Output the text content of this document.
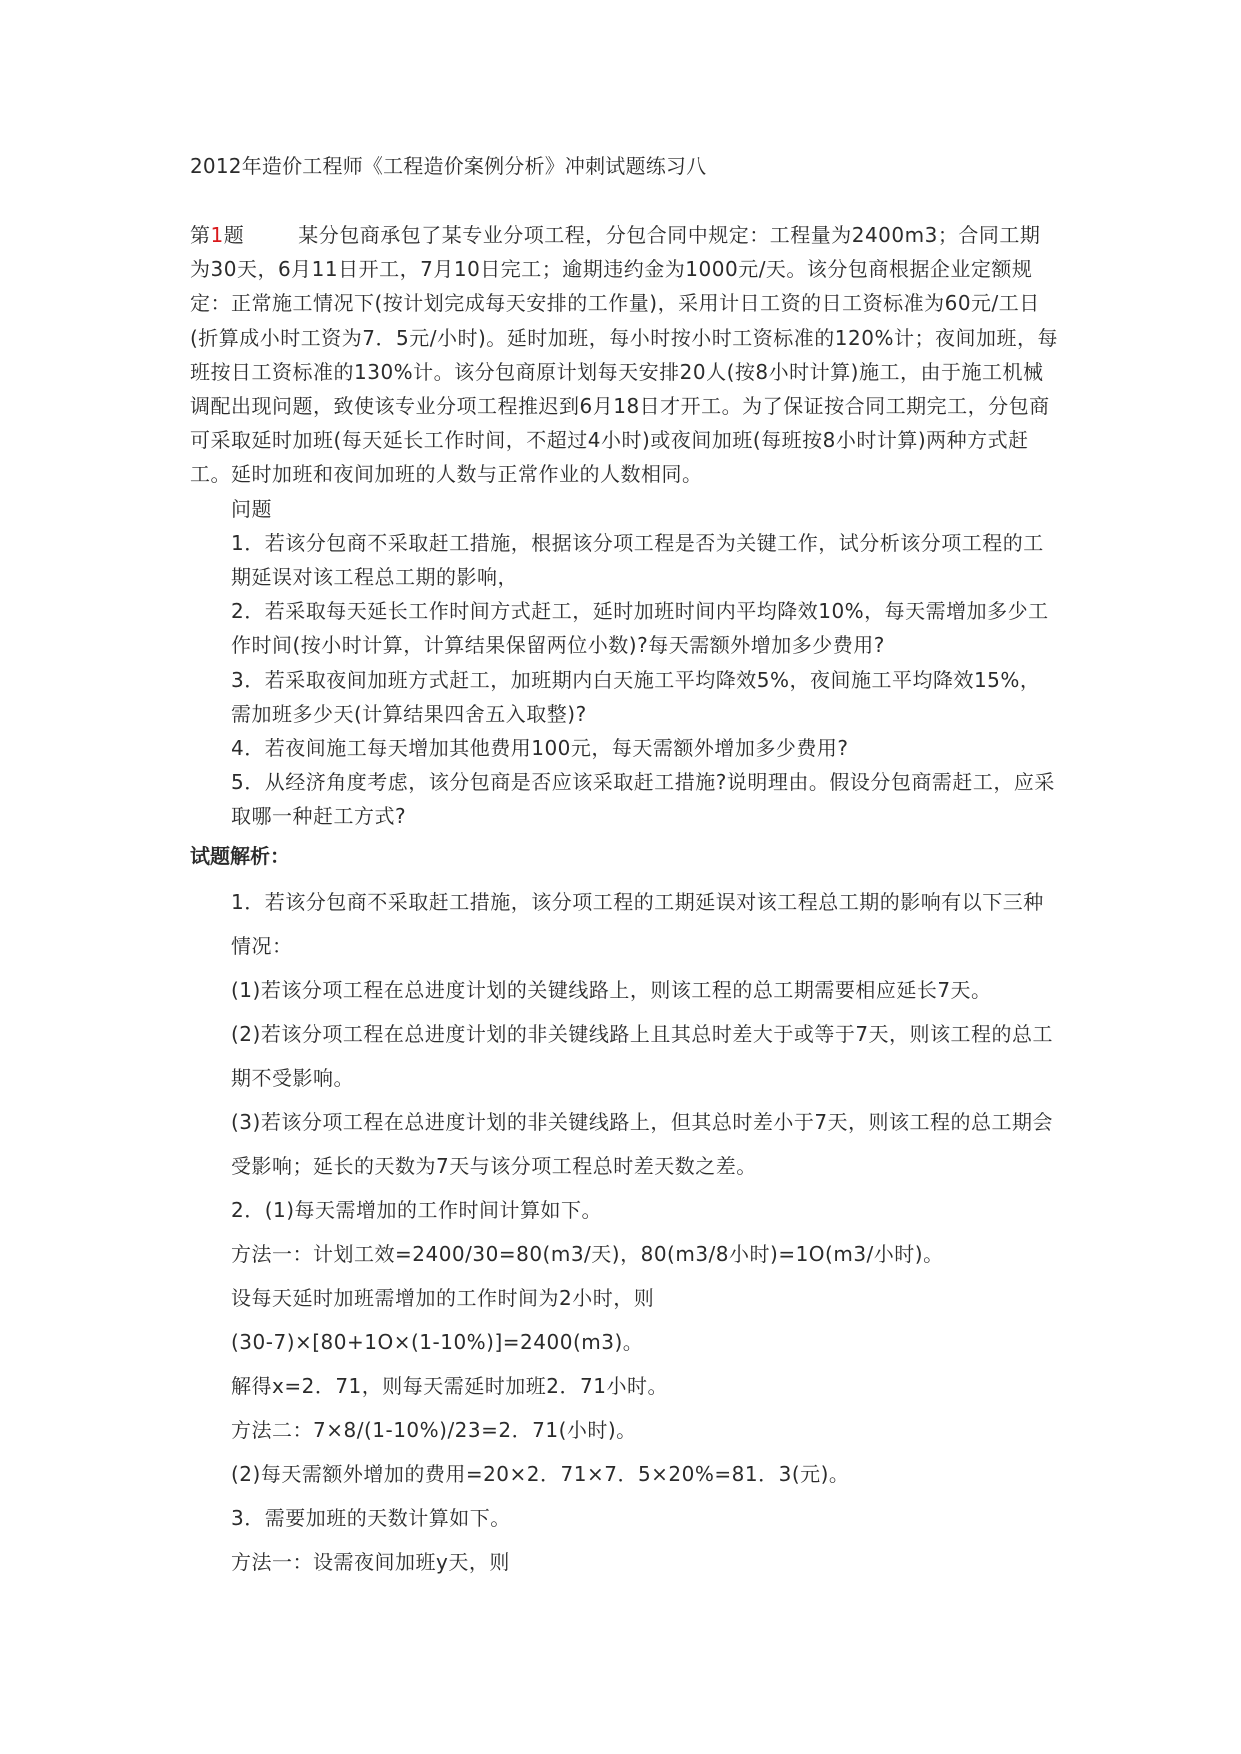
2012年造价工程师《工程造价案例分析》冲刺试题练习八

第1题	某分包商承包了某专业分项工程，分包合同中规定：工程量为2400m3；合同工期为30天，6月11日开工，7月10日完工；逾期违约金为1000元/天。该分包商根据企业定额规定：正常施工情况下(按计划完成每天安排的工作量)，采用计日工资的日工资标准为60元/工日(折算成小时工资为7．5元/小时)。延时加班，每小时按小时工资标准的120%计；夜间加班，每班按日工资标准的130%计。该分包商原计划每天安排20人(按8小时计算)施工，由于施工机械调配出现问题，致使该专业分项工程推迟到6月18日才开工。为了保证按合同工期完工，分包商可采取延时加班(每天延长工作时间，不超过4小时)或夜间加班(每班按8小时计算)两种方式赶工。延时加班和夜间加班的人数与正常作业的人数相同。

问题

1．若该分包商不采取赶工措施，根据该分项工程是否为关键工作，试分析该分项工程的工期延误对该工程总工期的影响，

2．若采取每天延长工作时间方式赶工，延时加班时间内平均降效10%，每天需增加多少工作时间(按小时计算，计算结果保留两位小数)?每天需额外增加多少费用?

3．若采取夜间加班方式赶工，加班期内白天施工平均降效5%，夜间施工平均降效15%，需加班多少天(计算结果四舍五入取整)?

4．若夜间施工每天增加其他费用100元，每天需额外增加多少费用?

5．从经济角度考虑，该分包商是否应该采取赶工措施?说明理由。假设分包商需赶工，应采取哪一种赶工方式?

试题解析：

1．若该分包商不采取赶工措施，该分项工程的工期延误对该工程总工期的影响有以下三种情况：

(1)若该分项工程在总进度计划的关键线路上，则该工程的总工期需要相应延长7天。

(2)若该分项工程在总进度计划的非关键线路上且其总时差大于或等于7天，则该工程的总工期不受影响。

(3)若该分项工程在总进度计划的非关键线路上，但其总时差小于7天，则该工程的总工期会受影响；延长的天数为7天与该分项工程总时差天数之差。

2．(1)每天需增加的工作时间计算如下。

方法一：计划工效=2400/30=80(m3/天)，80(m3/8小时)=1O(m3/小时)。

设每天延时加班需增加的工作时间为2小时，则

(30-7)×[80+1O×(1-10%)]=2400(m3)。

解得x=2．71，则每天需延时加班2．71小时。

方法二：7×8/(1-10%)/23=2．71(小时)。

(2)每天需额外增加的费用=20×2．71×7．5×20%=81．3(元)。

3．需要加班的天数计算如下。

方法一：设需夜间加班y天，则
